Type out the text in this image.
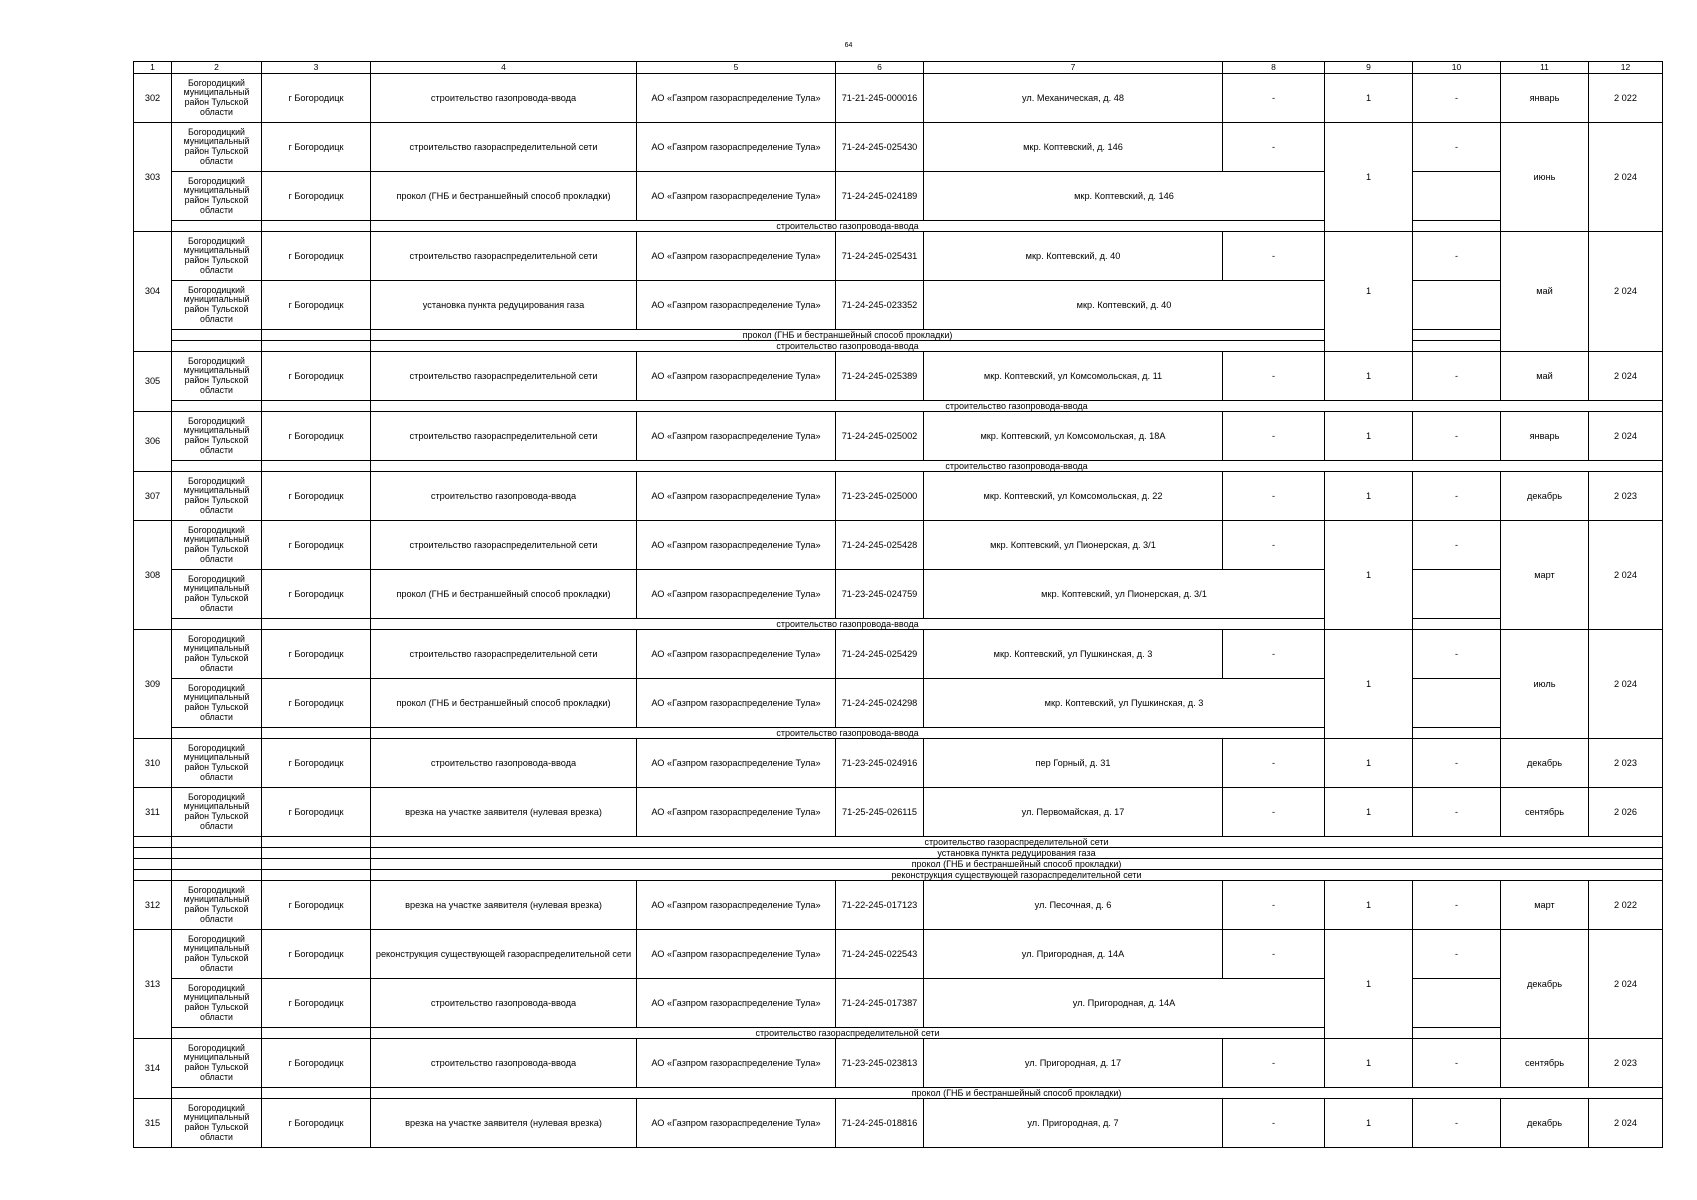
64
1	2	3	4	5	6	7	8	9	10	11	12
302	Богородицкий муниципальный район Тульской области	г Богородицк	строительство газопровода-ввода	АО «Газпром газораспределение Тула»	71-21-245-000016	ул. Механическая, д. 48	-	1	-	январь	2 022
303	Богородицкий муниципальный район Тульской области	г Богородицк	строительство газораспределительной сети	АО «Газпром газораспределение Тула»	71-24-245-025430	мкр. Коптевский, д. 146	-	1	-	июнь	2 024
	Богородицкий муниципальный район Тульской области	г Богородицк	прокол (ГНБ и бестраншейный способ прокладки)	АО «Газпром газораспределение Тула»	71-24-245-024189	мкр. Коптевский, д. 146					
			строительство газопровода-ввода								
304	Богородицкий муниципальный район Тульской области	г Богородицк	строительство газораспределительной сети	АО «Газпром газораспределение Тула»	71-24-245-025431	мкр. Коптевский, д. 40	-	1	-	май	2 024
	Богородицкий муниципальный район Тульской области	г Богородицк	установка пункта редуцирования газа	АО «Газпром газораспределение Тула»	71-24-245-023352	мкр. Коптевский, д. 40					
			прокол (ГНБ и бестраншейный способ прокладки)								
			строительство газопровода-ввода								
305	Богородицкий муниципальный район Тульской области	г Богородицк	строительство газораспределительной сети	АО «Газпром газораспределение Тула»	71-24-245-025389	мкр. Коптевский, ул Комсомольская, д. 11	-	1	-	май	2 024
			строительство газопровода-ввода								
306	Богородицкий муниципальный район Тульской области	г Богородицк	строительство газораспределительной сети	АО «Газпром газораспределение Тула»	71-24-245-025002	мкр. Коптевский, ул Комсомольская, д. 18А	-	1	-	январь	2 024
			строительство газопровода-ввода								
307	Богородицкий муниципальный район Тульской области	г Богородицк	строительство газопровода-ввода	АО «Газпром газораспределение Тула»	71-23-245-025000	мкр. Коптевский, ул Комсомольская, д. 22	-	1	-	декабрь	2 023
308	Богородицкий муниципальный район Тульской области	г Богородицк	строительство газораспределительной сети	АО «Газпром газораспределение Тула»	71-24-245-025428	мкр. Коптевский, ул Пионерская, д. 3/1	-	1	-	март	2 024
	Богородицкий муниципальный район Тульской области	г Богородицк	прокол (ГНБ и бестраншейный способ прокладки)	АО «Газпром газораспределение Тула»	71-23-245-024759	мкр. Коптевский, ул Пионерская, д. 3/1					
			строительство газопровода-ввода								
309	Богородицкий муниципальный район Тульской области	г Богородицк	строительство газораспределительной сети	АО «Газпром газораспределение Тула»	71-24-245-025429	мкр. Коптевский, ул Пушкинская, д. 3	-	1	-	июль	2 024
	Богородицкий муниципальный район Тульской области	г Богородицк	прокол (ГНБ и бестраншейный способ прокладки)	АО «Газпром газораспределение Тула»	71-24-245-024298	мкр. Коптевский, ул Пушкинская, д. 3					
			строительство газопровода-ввода								
310	Богородицкий муниципальный район Тульской области	г Богородицк	строительство газопровода-ввода	АО «Газпром газораспределение Тула»	71-23-245-024916	пер Горный, д. 31	-	1	-	декабрь	2 023
311	Богородицкий муниципальный район Тульской области	г Богородицк	врезка на участке заявителя (нулевая врезка)	АО «Газпром газораспределение Тула»	71-25-245-026115	ул. Первомайская, д. 17	-	1	-	сентябрь	2 026
			строительство газораспределительной сети								
			установка пункта редуцирования газа								
			прокол (ГНБ и бестраншейный способ прокладки)								
			реконструкция существующей газораспределительной сети								
312	Богородицкий муниципальный район Тульской области	г Богородицк	врезка на участке заявителя (нулевая врезка)	АО «Газпром газораспределение Тула»	71-22-245-017123	ул. Песочная, д. 6	-	1	-	март	2 022
313	Богородицкий муниципальный район Тульской области	г Богородицк	реконструкция существующей газораспределительной сети	АО «Газпром газораспределение Тула»	71-24-245-022543	ул. Пригородная, д. 14А	-	1	-	декабрь	2 024
	Богородицкий муниципальный район Тульской области	г Богородицк	строительство газопровода-ввода	АО «Газпром газораспределение Тула»	71-24-245-017387	ул. Пригородная, д. 14А					
			строительство газораспределительной сети								
314	Богородицкий муниципальный район Тульской области	г Богородицк	строительство газопровода-ввода	АО «Газпром газораспределение Тула»	71-23-245-023813	ул. Пригородная, д. 17	-	1	-	сентябрь	2 023
			прокол (ГНБ и бестраншейный способ прокладки)								
315	Богородицкий муниципальный район Тульской области	г Богородицк	врезка на участке заявителя (нулевая врезка)	АО «Газпром газораспределение Тула»	71-24-245-018816	ул. Пригородная, д. 7	-	1	-	декабрь	2 024
